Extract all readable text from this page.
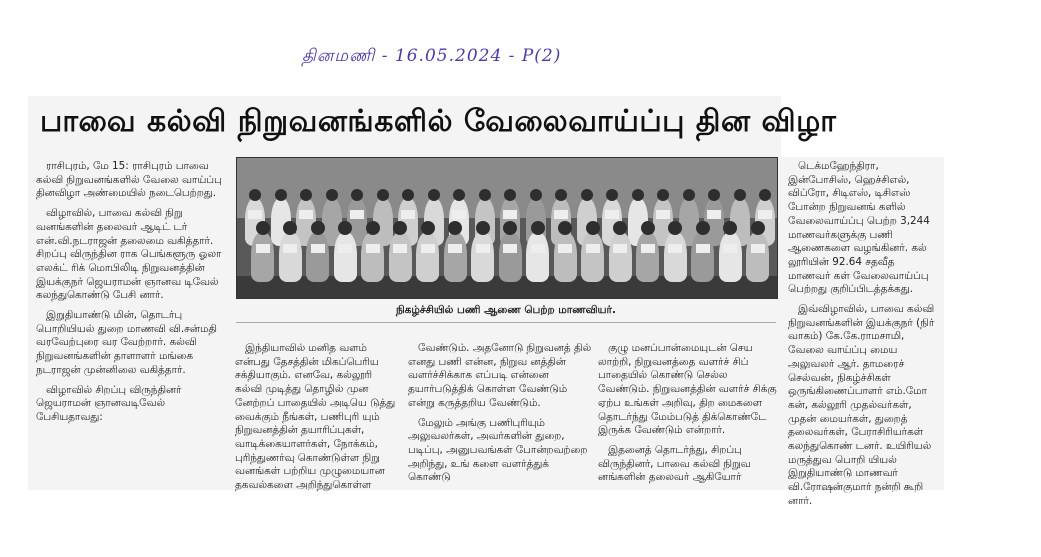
தினமணி - 16.05.2024 - P(2)
பாவை கல்வி நிறுவனங்களில் வேலைவாய்ப்பு தின விழா

ராசிபுரம், மே 15: ராசிபுரம் பாவை கல்வி நிறுவனங்களில் வேலை வாய்ப்பு தினவிழா அண்மையில் நடைபெற்றது.

விழாவில், பாவை கல்வி நிறு வனங்களின் தலைவர் ஆடிட் டர் என்.வி.நடராஜன் தலைமை வகித்தார். சிறப்பு விருந்தின ராக பெங்களூரு ஓலா எலக்ட் ரிக் மொபிலிடி நிறுவனத்தின் இயக்குநர் ஜெயராமன் ஞானவ டிவேல் கலந்துகொண்டு பேசி னார்.

இறுதியாண்டு மின், தொடர்பு பொறியியல் துறை மாணவி வி.சன்மதி வரவேற்புரை வர வேற்றார். கல்வி நிறுவனங்களின் தாளாளர் மங்கை நடராஜன் முன்னிலை வகித்தார்.

விழாவில் சிறப்பு விருந்தினர் ஜெயராமன் ஞானவடிவேல் பேசியதாவது:

நிகழ்ச்சியில் பணி ஆணை பெற்ற மாணவியர்.

இந்தியாவில் மனித வளம் என்பது தேசத்தின் மிகப்பெரிய சக்தியாகும். எனவே, கல்லூரி கல்வி முடித்து தொழில் முன னேற்றப் பாதையில் அடியெ டுத்து வைக்கும் நீங்கள், பணிபுரி யும் நிறுவனத்தின் தயாரிப்புகள், வாடிக்கையாளர்கள், நோக்கம், புரிந்துணர்வு கொண்டுள்ள நிறு வனங்கள் பற்றிய முழுமையான தகவல்களை அறிந்துகொள்ள

வேண்டும். அதனோடு நிறுவனத் தில் எனது பணி என்ன, நிறுவ னத்தின் வளர்ச்சிக்காக எப்படி என்னை தயார்படுத்திக் கொள்ள வேண்டும் என்று கருத்தறிய வேண்டும்.

மேலும் அங்கு பணிபுரியும் அலுவலர்கள், அவர்களின் துறை, படிப்பு, அனுபவங்கள் போன்றவற்றை அறிந்து, உங் களை வளர்த்துக் கொண்டு

குழு மனப்பான்மையுடன் செய லாற்றி, நிறுவனத்தை வளர்ச் சிப் பாதையில் கொண்டு செல்ல வேண்டும். நிறுவனத்தின் வளர்ச் சிக்கு ஏற்ப உங்கள் அறிவு, திற மைகளை தொடர்ந்து மேம்படுத் திக்கொண்டே இருக்க வேண்டும் என்றார்.

இதனைத் தொடர்ந்து, சிறப்பு விருந்தினர், பாவை கல்வி நிறுவ னங்களின் தலைவர் ஆகியோர்

டெக்மஹேந்திரா, இன்போசிஸ், ஹெச்சிஎல், விப்ரோ, சிடிஎஸ், டிசிஎஸ் போன்ற நிறுவனங் களில் வேலைவாய்ப்பு பெற்ற 3,244 மாணவர்களுக்கு பணி ஆணைகளை வழங்கினர். கல் லூரியின் 92.64 சதவீத மாணவர் கள் வேலைவாய்ப்பு பெற்றது குறிப்பிடத்தக்கது.

இவ்விழாவில், பாவை கல்வி நிறுவனங்களின் இயக்குநர் (நிர் வாகம்) கே.கே.ராமசாமி, வேலை வாய்ப்பு மைய அலுவலர் ஆர். தாமரைச் செல்வன், நிகழ்ச்சிகள் ஒருங்கிணைப்பாளர் எம்.மோ கன், கல்லூரி முதல்வர்கள், முதன் மையர்கள், துறைத் தலைவர்கள், பேராசிரியர்கள் கலந்துகொண் டனர். உயிரியல் மருத்துவ பொறி யியல் இறுதியாண்டு மாணவர் வி.ரோஷன்குமார் நன்றி கூறி னார்.
